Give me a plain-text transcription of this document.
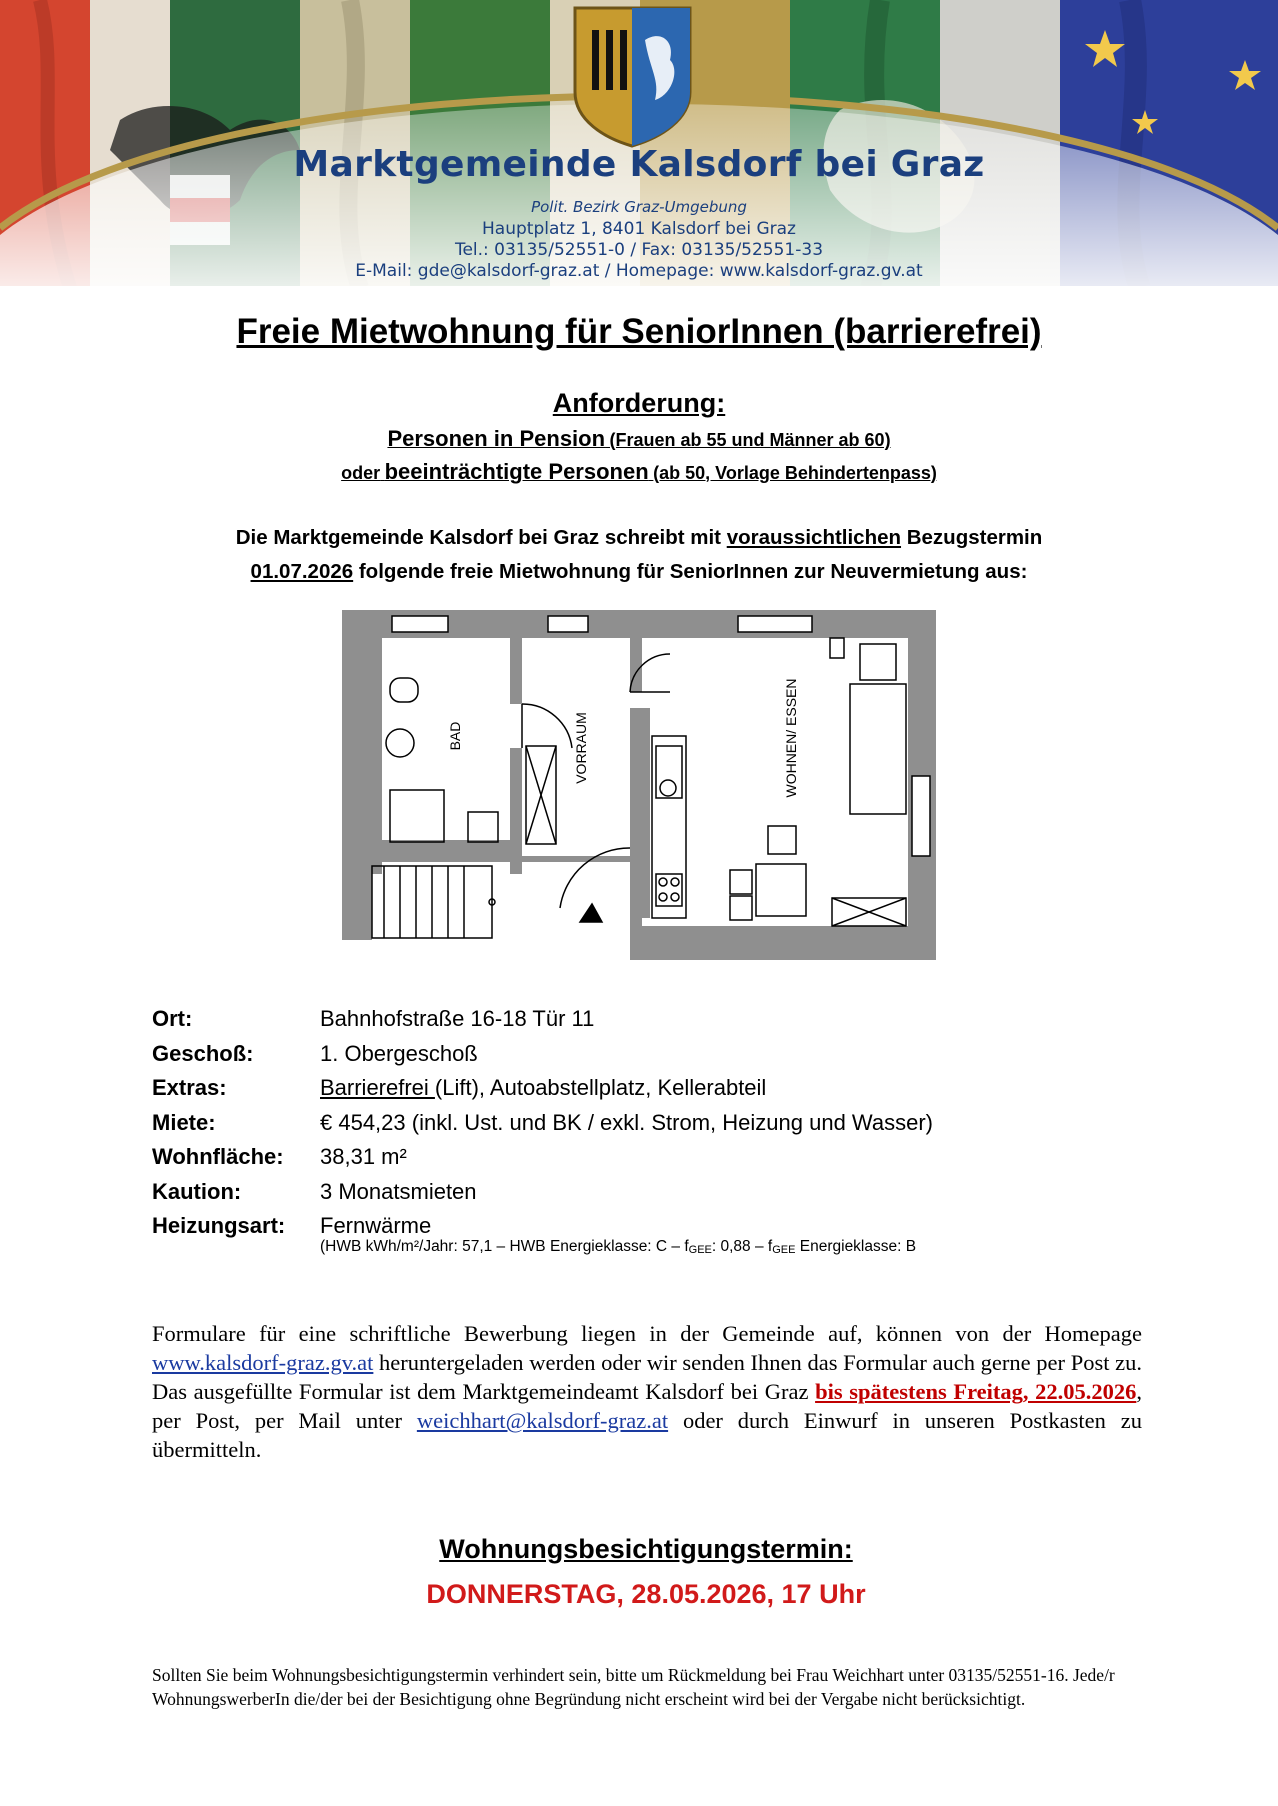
Marktgemeinde Kalsdorf bei Graz
Polit. Bezirk Graz-Umgebung
Hauptplatz 1, 8401 Kalsdorf bei Graz
Tel.: 03135/52551-0 / Fax: 03135/52551-33
E-Mail: gde@kalsdorf-graz.at / Homepage: www.kalsdorf-graz.gv.at
Freie Mietwohnung für SeniorInnen (barrierefrei)
Anforderung:
Personen in Pension (Frauen ab 55 und Männer ab 60)
oder beeinträchtigte Personen (ab 50, Vorlage Behindertenpass)
Die Marktgemeinde Kalsdorf bei Graz schreibt mit voraussichtlichen Bezugstermin
01.07.2026 folgende freie Mietwohnung für SeniorInnen zur Neuvermietung aus:
BAD	VORRAUM	WOHNEN/ ESSEN
Ort:	Bahnhofstraße 16-18 Tür 11
Geschoß:	1. Obergeschoß
Extras:	Barrierefrei (Lift), Autoabstellplatz, Kellerabteil
Miete:	€ 454,23 (inkl. Ust. und BK / exkl. Strom, Heizung und Wasser)
Wohnfläche:	38,31 m²
Kaution:	3 Monatsmieten
Heizungsart:	Fernwärme
(HWB kWh/m²/Jahr: 57,1 – HWB Energieklasse: C – $f_{GEE}$: $0,88 - f_{GEE}$ Energieklasse: B
Formulare für eine schriftliche Bewerbung liegen in der Gemeinde auf, können von der Homepage www.kalsdorf-graz.gv.at heruntergeladen werden oder wir senden Ihnen das Formular auch gerne per Post zu. Das ausgefüllte Formular ist dem Marktgemeindeamt Kalsdorf bei Graz bis spätestens Freitag, 22.05.2026, per Post, per Mail unter weichhart@kalsdorf-graz.at oder durch Einwurf in unseren Postkasten zu übermitteln.
Wohnungsbesichtigungstermin:
DONNERSTAG, 28.05.2026, 17 Uhr
Sollten Sie beim Wohnungsbesichtigungstermin verhindert sein, bitte um Rückmeldung bei Frau Weichhart unter 03135/52551-16. Jede/r WohnungswerberIn die/der bei der Besichtigung ohne Begründung nicht erscheint wird bei der Vergabe nicht berücksichtigt.
